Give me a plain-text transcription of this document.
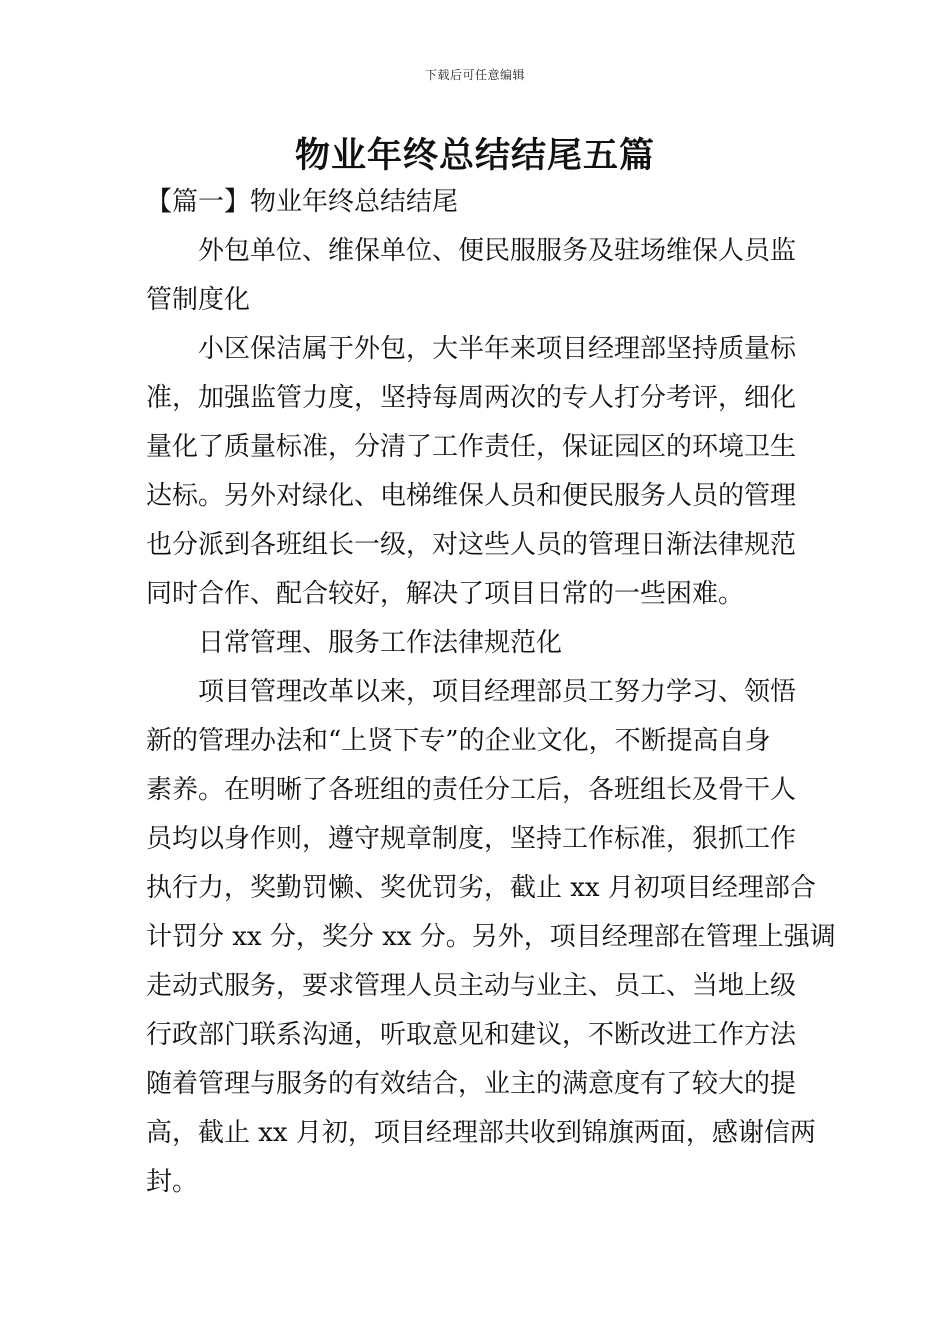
下载后可任意编辑
物业年终总结结尾五篇

【篇一】物业年终总结结尾

外包单位、维保单位、便民服服务及驻场维保人员监

管制度化

小区保洁属于外包，大半年来项目经理部坚持质量标

准，加强监管力度，坚持每周两次的专人打分考评，细化

量化了质量标准，分清了工作责任，保证园区的环境卫生

达标。另外对绿化、电梯维保人员和便民服务人员的管理

也分派到各班组长一级，对这些人员的管理日渐法律规范

同时合作、配合较好，解决了项目日常的一些困难。

日常管理、服务工作法律规范化

项目管理改革以来，项目经理部员工努力学习、领悟

新的管理办法和“上贤下专”的企业文化，不断提高自身

素养。在明晰了各班组的责任分工后，各班组长及骨干人

员均以身作则，遵守规章制度，坚持工作标准，狠抓工作

执行力，奖勤罚懒、奖优罚劣，截止 xx 月初项目经理部合

计罚分 xx 分，奖分 xx 分。另外，项目经理部在管理上强调

走动式服务，要求管理人员主动与业主、员工、当地上级

行政部门联系沟通，听取意见和建议，不断改进工作方法

随着管理与服务的有效结合，业主的满意度有了较大的提

高，截止 xx 月初，项目经理部共收到锦旗两面，感谢信两

封。
